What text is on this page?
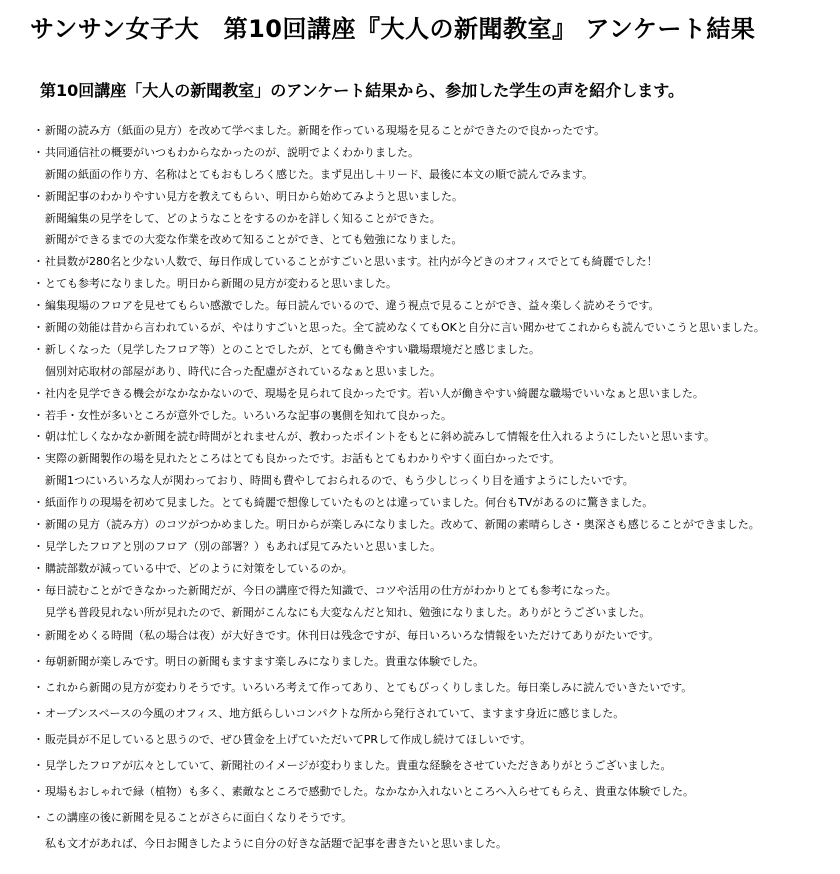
サンサン女子大　第10回講座『大人の新聞教室』 アンケート結果
第10回講座「大人の新聞教室」のアンケート結果から、参加した学生の声を紹介します。
・ 新聞の読み方（紙面の見方）を改めて学べました。新聞を作っている現場を見ることができたので良かったです。
・ 共同通信社の概要がいつもわからなかったのが、説明でよくわかりました。
新聞の紙面の作り方、名称はとてもおもしろく感じた。まず見出し＋リード、最後に本文の順で読んでみます。
・ 新聞記事のわかりやすい見方を教えてもらい、明日から始めてみようと思いました。
新聞編集の見学をして、どのようなことをするのかを詳しく知ることができた。
新聞ができるまでの大変な作業を改めて知ることができ、とても勉強になりました。
・ 社員数が280名と少ない人数で、毎日作成していることがすごいと思います。社内が今どきのオフィスでとても綺麗でした！
・ とても参考になりました。明日から新聞の見方が変わると思いました。
・ 編集現場のフロアを見せてもらい感激でした。毎日読んでいるので、違う視点で見ることができ、益々楽しく読めそうです。
・ 新聞の効能は昔から言われているが、やはりすごいと思った。全て読めなくてもOKと自分に言い聞かせてこれからも読んでいこうと思いました。
・ 新しくなった（見学したフロア等）とのことでしたが、とても働きやすい職場環境だと感じました。
個別対応取材の部屋があり、時代に合った配慮がされているなぁと思いました。
・ 社内を見学できる機会がなかなかないので、現場を見られて良かったです。若い人が働きやすい綺麗な職場でいいなぁと思いました。
・ 若手・女性が多いところが意外でした。いろいろな記事の裏側を知れて良かった。
・ 朝は忙しくなかなか新聞を読む時間がとれませんが、教わったポイントをもとに斜め読みして情報を仕入れるようにしたいと思います。
・ 実際の新聞製作の場を見れたところはとても良かったです。お話もとてもわかりやすく面白かったです。
新聞1つにいろいろな人が関わっており、時間も費やしておられるので、もう少しじっくり目を通すようにしたいです。
・ 紙面作りの現場を初めて見ました。とても綺麗で想像していたものとは違っていました。何台もTVがあるのに驚きました。
・ 新聞の見方（読み方）のコツがつかめました。明日からが楽しみになりました。改めて、新聞の素晴らしさ・奥深さも感じることができました。
・ 見学したフロアと別のフロア（別の部署？）もあれば見てみたいと思いました。
・ 購読部数が減っている中で、どのように対策をしているのか。
・ 毎日読むことができなかった新聞だが、今日の講座で得た知識で、コツや活用の仕方がわかりとても参考になった。
見学も普段見れない所が見れたので、新聞がこんなにも大変なんだと知れ、勉強になりました。ありがとうございました。
・ 新聞をめくる時間（私の場合は夜）が大好きです。休刊日は残念ですが、毎日いろいろな情報をいただけてありがたいです。
・ 毎朝新聞が楽しみです。明日の新聞もますます楽しみになりました。貴重な体験でした。
・ これから新聞の見方が変わりそうです。いろいろ考えて作ってあり、とてもびっくりしました。毎日楽しみに読んでいきたいです。
・ オープンスペースの今風のオフィス、地方紙らしいコンパクトな所から発行されていて、ますます身近に感じました。
・ 販売員が不足していると思うので、ぜひ賃金を上げていただいてPRして作成し続けてほしいです。
・ 見学したフロアが広々としていて、新聞社のイメージが変わりました。貴重な経験をさせていただきありがとうございました。
・ 現場もおしゃれで緑（植物）も多く、素敵なところで感動でした。なかなか入れないところへ入らせてもらえ、貴重な体験でした。
・ この講座の後に新聞を見ることがさらに面白くなりそうです。
私も文才があれば、今日お聞きしたように自分の好きな話題で記事を書きたいと思いました。
